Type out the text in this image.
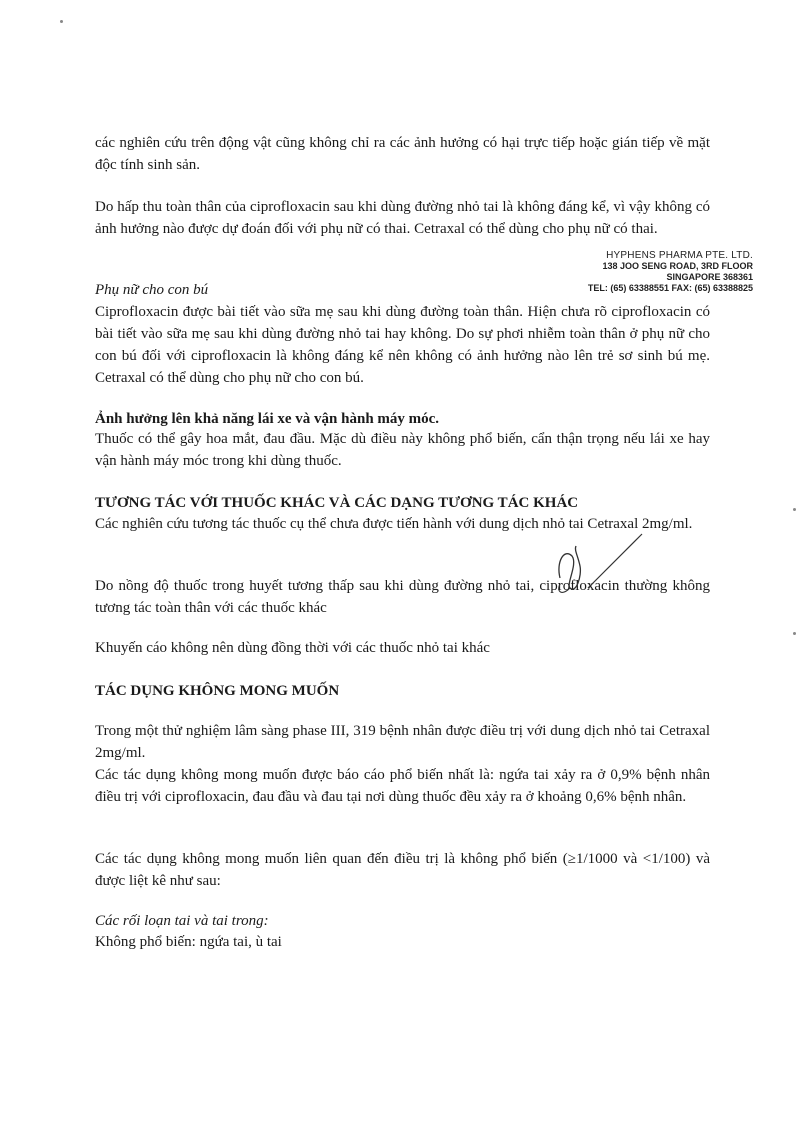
các nghiên cứu trên động vật cũng không chỉ ra các ảnh hưởng có hại trực tiếp hoặc gián tiếp về mặt độc tính sinh sản.

Do hấp thu toàn thân của ciprofloxacin sau khi dùng đường nhỏ tai là không đáng kể, vì vậy không có ảnh hưởng nào được dự đoán đối với phụ nữ có thai. Cetraxal có thể dùng cho phụ nữ có thai.

Phụ nữ cho con bú

Ciprofloxacin được bài tiết vào sữa mẹ sau khi dùng đường toàn thân. Hiện chưa rõ ciprofloxacin có bài tiết vào sữa mẹ sau khi dùng đường nhỏ tai hay không. Do sự phơi nhiễm toàn thân ở phụ nữ cho con bú đối với ciprofloxacin là không đáng kể nên không có ảnh hưởng nào lên trẻ sơ sinh bú mẹ. Cetraxal có thể dùng cho phụ nữ cho con bú.

Ảnh hưởng lên khả năng lái xe và vận hành máy móc.

Thuốc có thể gây hoa mắt, đau đầu. Mặc dù điều này không phổ biến, cẩn thận trọng nếu lái xe hay vận hành máy móc trong khi dùng thuốc.

TƯƠNG TÁC VỚI THUỐC KHÁC VÀ CÁC DẠNG TƯƠNG TÁC KHÁC

Các nghiên cứu tương tác thuốc cụ thể chưa được tiến hành với dung dịch nhỏ tai Cetraxal 2mg/ml.

Do nồng độ thuốc trong huyết tương thấp sau khi dùng đường nhỏ tai, ciprofloxacin thường không tương tác toàn thân với các thuốc khác

Khuyến cáo không nên dùng đồng thời với các thuốc nhỏ tai khác

TÁC DỤNG KHÔNG MONG MUỐN

Trong một thử nghiệm lâm sàng phase III, 319 bệnh nhân được điều trị với dung dịch nhỏ tai Cetraxal 2mg/ml.

Các tác dụng không mong muốn được báo cáo phổ biến nhất là: ngứa tai xảy ra ở 0,9% bệnh nhân điều trị với ciprofloxacin, đau đầu và đau tại nơi dùng thuốc đều xảy ra ở khoảng 0,6% bệnh nhân.

Các tác dụng không mong muốn liên quan đến điều trị là không phổ biến (≥1/1000 và <1/100) và được liệt kê như sau:

Các rối loạn tai và tai trong:

Không phổ biến: ngứa tai, ù tai

HYPHENS PHARMA PTE. LTD.
138 JOO SENG ROAD, 3RD FLOOR
SINGAPORE 368361
TEL: (65) 63388551 FAX: (65) 63388825
